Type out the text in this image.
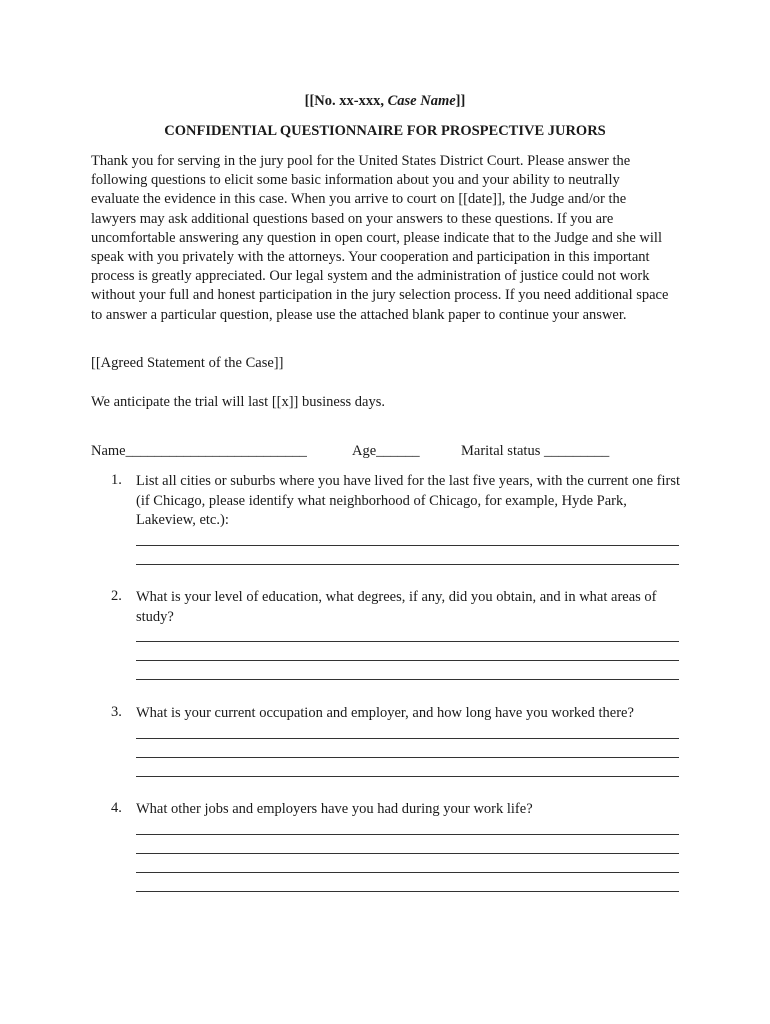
[[No. xx-xxx, Case Name]]
CONFIDENTIAL QUESTIONNAIRE FOR PROSPECTIVE JURORS

Thank you for serving in the jury pool for the United States District Court. Please answer the following questions to elicit some basic information about you and your ability to neutrally evaluate the evidence in this case. When you arrive to court on [[date]], the Judge and/or the lawyers may ask additional questions based on your answers to these questions. If you are uncomfortable answering any question in open court, please indicate that to the Judge and she will speak with you privately with the attorneys. Your cooperation and participation in this important process is greatly appreciated. Our legal system and the administration of justice could not work without your full and honest participation in the jury selection process. If you need additional space to answer a particular question, please use the attached blank paper to continue your answer.

[[Agreed Statement of the Case]]

We anticipate the trial will last [[x]] business days.

Name_________________________	Age______	Marital status _________
1. List all cities or suburbs where you have lived for the last five years, with the current one first (if Chicago, please identify what neighborhood of Chicago, for example, Hyde Park, Lakeview, etc.):

2. What is your level of education, what degrees, if any, did you obtain, and in what areas of study?

3. What is your current occupation and employer, and how long have you worked there?

4. What other jobs and employers have you had during your work life?
